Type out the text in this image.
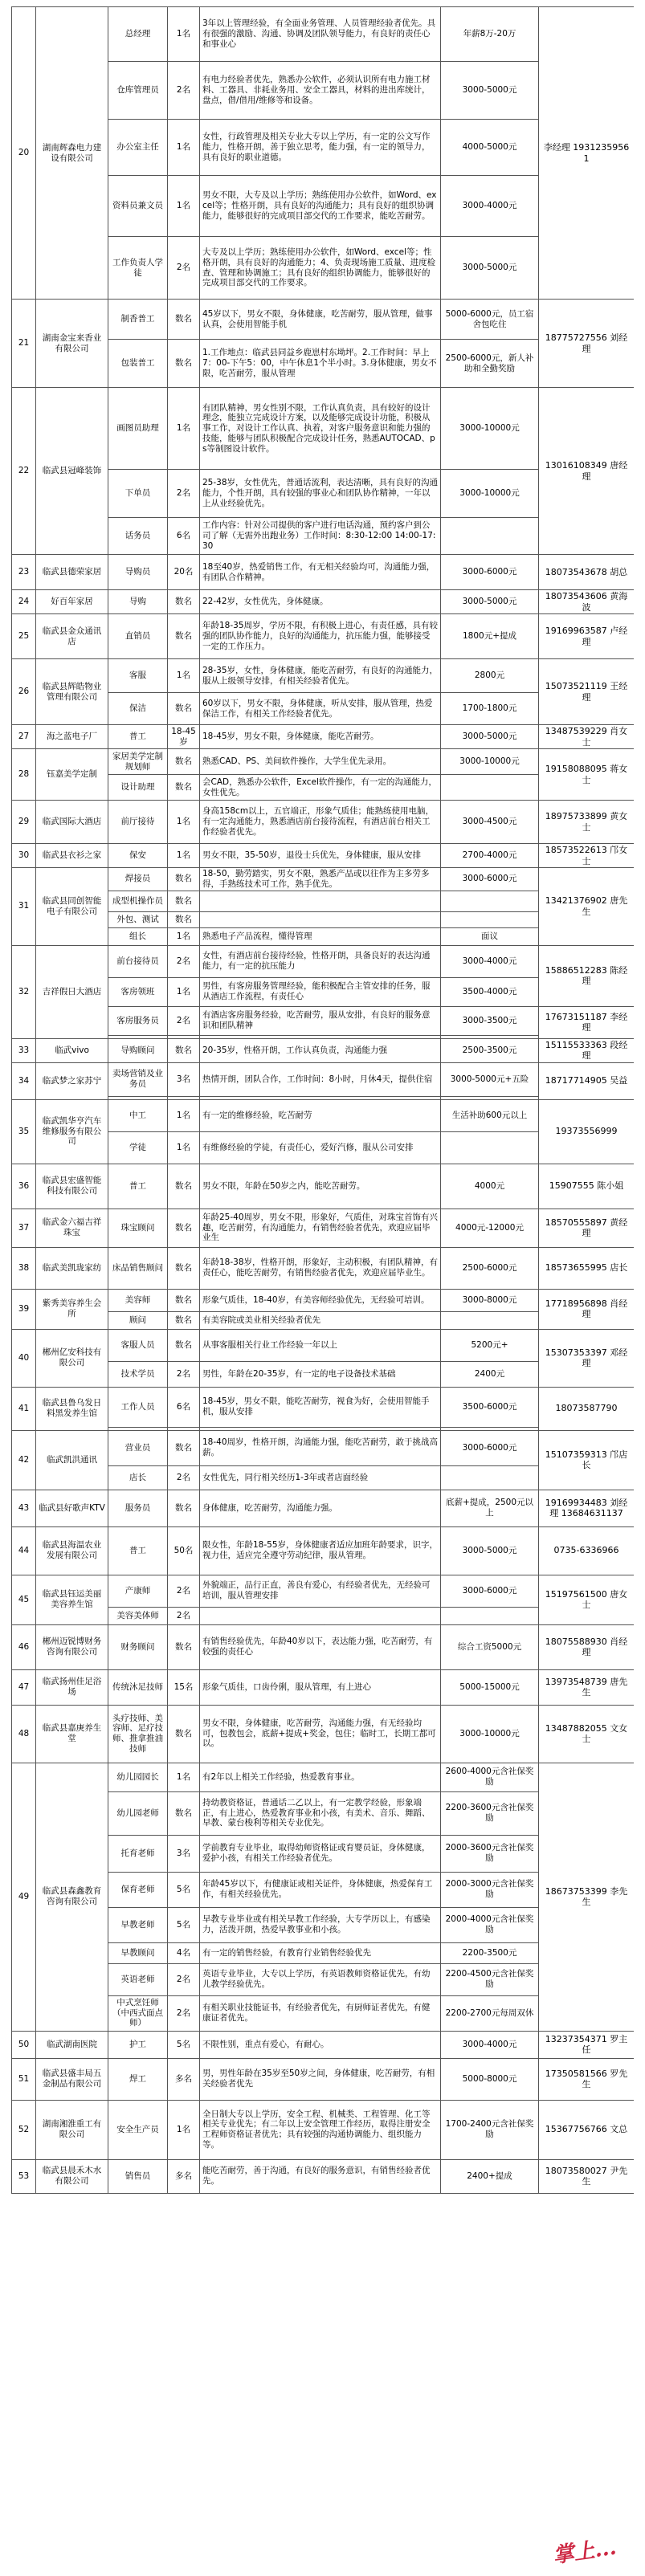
20	湖南辉森电力建设有限公司	总经理	1名	3年以上管理经验，有全面业务管理、人员管理经验者优先。具有很强的激励、沟通、协调及团队领导能力，有良好的责任心和事业心	年薪8万-20万	李经理 19312359561
		仓库管理员	2名	有电力经验者优先，熟悉办公软件，必须认识所有电力施工材料、工器具、非耗业务用、安全工器具，材料的进出库统计，盘点，借/借用/维修等和设备。	3000-5000元	
		办公室主任	1名	女性，行政管理及相关专业大专以上学历，有一定的公文写作能力，性格开朗，善于独立思考，能力强，有一定的领导力，具有良好的职业道德。	4000-5000元	
		资料员兼文员	1名	男女不限，大专及以上学历；熟练使用办公软件，如Word、excel等；性格开朗，具有良好的沟通能力；具有良好的组织协调能力，能够很好的完成项目部交代的工作要求，能吃苦耐劳。	3000-4000元	
		工作负责人学徒	2名	大专及以上学历；熟练使用办公软件，如Word、excel等；性格开朗，具有良好的沟通能力；4、负责现场施工质量、进度检查、管理和协调施工；具有良好的组织协调能力，能够很好的完成项目部交代的工作要求。	3000-5000元	
21	湖南金宝来香业有限公司	制香普工	数名	45岁以下，男女不限，身体健康，吃苦耐劳，服从管理，做事认真，会使用智能手机	5000-6000元，员工宿舍包吃住	18775727556 刘经理
		包装普工	数名	1.工作地点：临武县同益乡鹿崽村东坳坪。2.工作时间：早上7：00-下午5：00，中午休息1个半小时。3.身体健康，男女不限，吃苦耐劳，服从管理	2500-6000元，新人补助和全勤奖励	
22	临武县冠峰装饰	画图员助理	1名	有团队精神，男女性别不限，工作认真负责，具有较好的设计理念，能独立完成设计方案，以及能够完成设计功能，积极从事工作，对设计工作认真、执着，对客户服务意识和能力强的技能，能够与团队积极配合完成设计任务，熟悉AUTOCAD、ps等制图设计软件。	3000-10000元	13016108349 唐经理
		下单员	2名	25-38岁，女性优先，普通话流利，表达清晰，具有良好的沟通能力，个性开朗，具有较强的事业心和团队协作精神，一年以上从业经验优先。	3000-10000元	
		话务员	6名	工作内容：针对公司提供的客户进行电话沟通，预约客户到公司了解（无需外出跑业务）工作时间：8:30-12:00 14:00-17:30		
23	临武县德荣家居	导购员	20名	18至40岁，热爱销售工作，有无相关经验均可，沟通能力强，有团队合作精神。	3000-6000元	18073543678 胡总
24	好百年家居	导购	数名	22-42岁，女性优先，身体健康。	3000-5000元	18073543606 黄海波
25	临武县金众通讯店	直销员	数名	年龄18-35周岁，学历不限，有积极上进心，有责任感，具有较强的团队协作能力，良好的沟通能力，抗压能力强，能够接受一定的工作压力。	1800元+提成	19169963587 卢经理
26	临武县辉皓物业管理有限公司	客服	1名	28-35岁，女性，身体健康，能吃苦耐劳，有良好的沟通能力，服从上级领导安排，有相关经验者优先。	2800元	15073521119 王经理
		保洁	数名	60岁以下，男女不限，身体健康，听从安排，服从管理，热爱保洁工作，有相关工作经验者优先。	1700-1800元	
27	海之蓝电子厂	普工	18-45岁	18-45岁，男女不限，身体健康，能吃苦耐劳。	3000-5000元	13487539229 肖女士
28	钰嘉美学定制	家居美学定制规划师	数名	熟悉CAD、PS、美间软件操作，大学生优先录用。	3000-10000元	19158088095 蒋女士
		设计助理	数名	会CAD，熟悉办公软件，Excel软件操作，有一定的沟通能力，女性优先。		
29	临武国际大酒店	前厅接待	1名	身高158cm以上，五官端正，形象气质佳；能熟练使用电脑，有一定沟通能力，熟悉酒店前台接待流程，有酒店前台相关工作经验者优先。	3000-4500元	18975733899 黄女士
30	临武县衣衫之家	保安	1名	男女不限，35-50岁，退役士兵优先，身体健康，服从安排	2700-4000元	18573522613 邝女士
31	临武县同创智能电子有限公司	焊接员	数名	18-50，勤劳踏实，男女不限，熟悉产品或以往作为主多劳多得，手熟练技术可工作，熟手优先。	3000-6000元	13421376902 唐先生
		成型机操作员	数名			
		外包、测试	数名			
		组长	1名	熟悉电子产品流程，懂得管理	面议	
32	吉祥假日大酒店	前台接待员	2名	女性，有酒店前台接待经验，性格开朗，具备良好的表达沟通能力，有一定的抗压能力	3000-4000元	15886512283 陈经理
		客房领班	1名	男性，有客房服务管理经验，能积极配合主管安排的任务，服从酒店工作流程，有责任心	3500-4000元	
		客房服务员	2名	有酒店客房服务经验，吃苦耐劳，服从安排，有良好的服务意识和团队精神	3000-3500元	17673151187 李经理

33	临武vivo	导购顾问	数名	20-35岁，性格开朗，工作认真负责，沟通能力强	2500-3500元	15115533363 段经理
34	临武梦之家苏宁	卖场营销及业务员	3名	热情开朗，团队合作，工作时间：8小时，月休4天，提供住宿	3000-5000元+五险	18717714905 吴益

35	临武凯华亨汽车维修服务有限公司	中工	1名	有一定的维修经验，吃苦耐劳	生活补助600元以上	19373556999
		学徒	1名	有维修经验的学徒，有责任心，爱好汽修，服从公司安排		
36	临武县宏盛智能科技有限公司	普工	数名	男女不限，年龄在50岁之内，能吃苦耐劳。	4000元	15907555 陈小姐
37	临武金六福吉祥珠宝	珠宝顾问	数名	年龄25-40周岁，男女不限，形象好，气质佳，对珠宝首饰有兴趣，吃苦耐劳，有沟通能力，有销售经验者优先，欢迎应届毕业生	4000元-12000元	18570555897 黄经理
38	临武美凯珑家纺	床品销售顾问	数名	年龄18-38岁，性格开朗，形象好，主动积极，有团队精神，有责任心，能吃苦耐劳，有销售经验者优先，欢迎应届毕业生。	2500-6000元	18573655995 店长
39	紫秀美容养生会所	美容师	数名	形象气质佳，18-40岁，有美容师经验优先，无经验可培训。	3000-8000元	17718956898 肖经理
		顾问	数名	有美容院或美业相关经验者优先		
40	郴州亿安科技有限公司	客服人员	数名	从事客服相关行业工作经验一年以上	5200元+	15307353397 邓经理
		技术学员	2名	男性，年龄在20-35岁，有一定的电子设备技术基础	2400元	
41	临武县鲁乌发日料黑发养生馆	工作人员	6名	18-45岁，男女不限，能吃苦耐劳，视食为好，会使用智能手机，服从安排	3500-6000元	18073587790

42	临武凯洪通讯	营业员	数名	18-40周岁，性格开朗，沟通能力强，能吃苦耐劳，敢于挑战高薪。	3000-6000元	15107359313 邝店长
		店长	2名	女性优先，同行相关经历1-3年或者店面经验		
43	临武县好歌声KTV	服务员	数名	身体健康，吃苦耐劳，沟通能力强。	底薪+提成，2500元以上	19169934483 刘经理 13684631137
44	临武县海温农业发展有限公司	普工	50名	限女性，年龄18-55岁，身体健康者适应加班年龄要求，识字，视力佳，适应完全遵守劳动纪律，服从管理。	3000-5000元	0735-6336966
45	临武县钰运美丽美容养生馆	产康师	2名	外貌端正，品行正直，善良有爱心，有经验者优先，无经验可培训，服从管理安排	3000-6000元	15197561500 唐女士
		美容美体师	2名			
46	郴州迈锐博财务咨询有限公司	财务顾问	数名	有销售经验优先，年龄40岁以下，表达能力强，吃苦耐劳，有较强的责任心	综合工资5000元	18075588930 肖经理
47	临武扬州佳足浴场	传统沐足技师	15名	形象气质佳，口齿伶俐，服从管理，有上进心	5000-15000元	13973548739 唐先生
48	临武县嘉庚养生堂	头疗技师、美容师、足疗技师、推拿推油技师	数名	男女不限，身体健康，吃苦耐劳，沟通能力强，有无经验均可，包教包会，底薪+提成+奖金，包住；临时工，长期工都可以。	3000-10000元	13487882055 文女士
49	临武县森鑫教育咨询有限公司	幼儿园园长	1名	有2年以上相关工作经验，热爱教育事业。	2600-4000元含社保奖励	18673753399 李先生
		幼儿园老师	数名	持幼教资格证，普通话二乙以上，有一定教学经验，形象端正，有上进心，热爱教育事业和小孩，有美术、音乐、舞蹈、早教、蒙台梭利等相关专业优先。	2200-3600元含社保奖励	
		托育老师	3名	学前教育专业毕业，取得幼师资格证或育婴员证，身体健康，爱护小孩，有相关工作经验者优先。	2000-3600元含社保奖励	
		保育老师	5名	年龄45岁以下，有健康证或相关证件，身体健康，热爱保育工作，有相关经验优先。	2000-3000元含社保奖励	
		早教老师	5名	早教专业毕业或有相关早教工作经验，大专学历以上，有感染力，活泼开朗，热爱早教事业和小孩。	2000-4000元含社保奖励	
		早教顾问	4名	有一定的销售经验，有教育行业销售经验优先	2200-3500元	
		英语老师	2名	英语专业毕业，大专以上学历，有英语教师资格证优先，有幼儿教学经验优先。	2200-4500元含社保奖励	
		中式烹饪师（中西式面点师）	2名	有相关职业技能证书，有经验者优先，有厨师证者优先，有健康证者优先。	2200-2700元每周双休	
50	临武湖南医院	护工	5名	不限性别，重点有爱心，有耐心。	3000-4000元	13237354371 罗主任
51	临武县盛丰局五金制品有限公司	焊工	多名	男，男性年龄在35岁至50岁之间，身体健康，吃苦耐劳，有相关经验者优先	5000-8000元	17350581566 罗先生
52	湖南湘淮重工有限公司	安全生产员	1名	全日制大专以上学历，安全工程、机械类、工程管理、化工等相关专业优先；有二年以上安全管理工作经历，取得注册安全工程师资格证者优先；具有较强的沟通协调能力、组织能力等。	1700-2400元含社保奖励	15367756766 文总
53	临武县晨禾木水有限公司	销售员	多名	能吃苦耐劳，善于沟通，有良好的服务意识，有销售经验者优先。	2400+提成	18073580027 尹先生
掌上...
